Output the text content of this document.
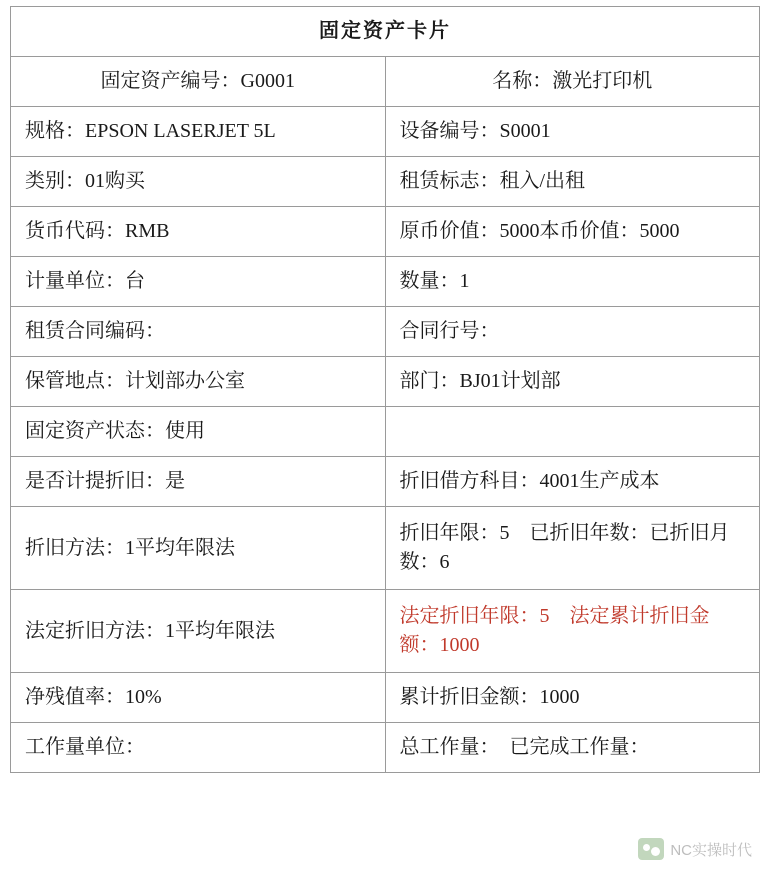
固定资产卡片	
固定资产编号：G0001	名称：激光打印机
规格：EPSON LASERJET 5L	设备编号：S0001
类别：01购买	租赁标志：租入/出租
货币代码：RMB	原币价值：5000本币价值：5000
计量单位：台	数量：1
租赁合同编码：	合同行号：
保管地点：计划部办公室	部门：BJ01计划部
固定资产状态：使用	
是否计提折旧：是	折旧借方科目：4001生产成本
折旧方法：1平均年限法	折旧年限：5　已折旧年数：已折旧月数：6
法定折旧方法：1平均年限法	法定折旧年限：5　法定累计折旧金额：1000
净残值率：10%	累计折旧金额：1000
工作量单位：	总工作量：　已完成工作量：
NC实操时代
